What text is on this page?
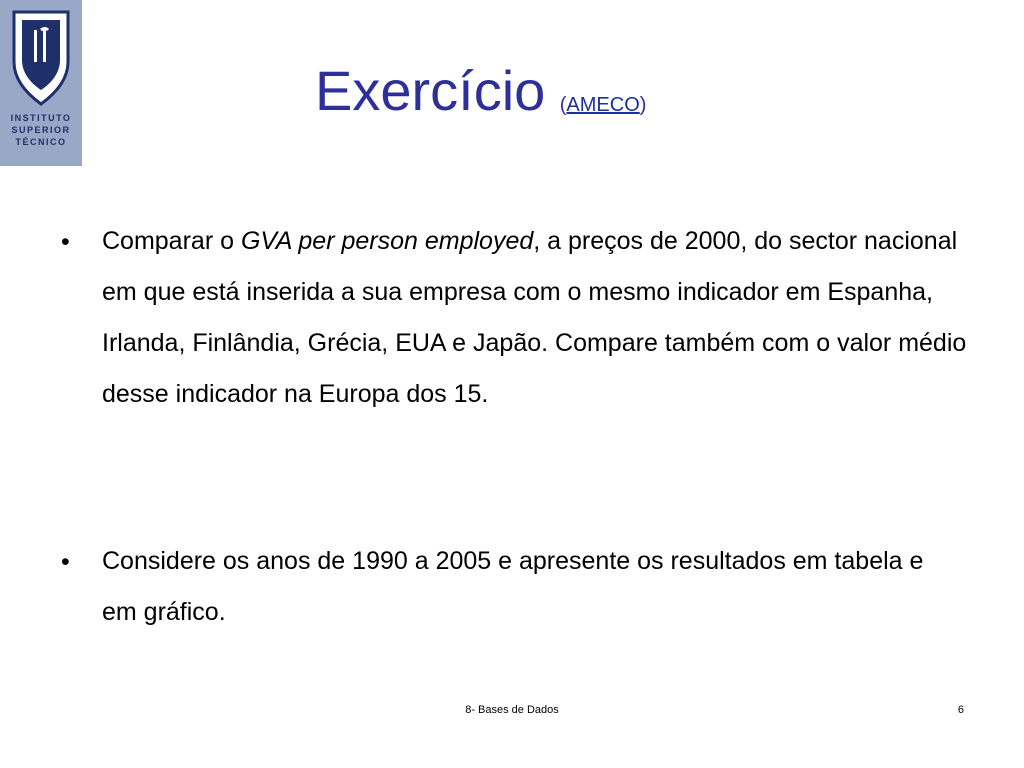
INSTITUTO
SUPERIOR
TÉCNICO
Exercício (AMECO)
• Comparar o GVA per person employed, a preços de 2000, do sector nacional em que está inserida a sua empresa com o mesmo indicador em Espanha, Irlanda, Finlândia, Grécia, EUA e Japão. Compare também com o valor médio desse indicador na Europa dos 15.
• Considere os anos de 1990 a 2005 e apresente os resultados em tabela e em gráfico.
8- Bases de Dados	6
